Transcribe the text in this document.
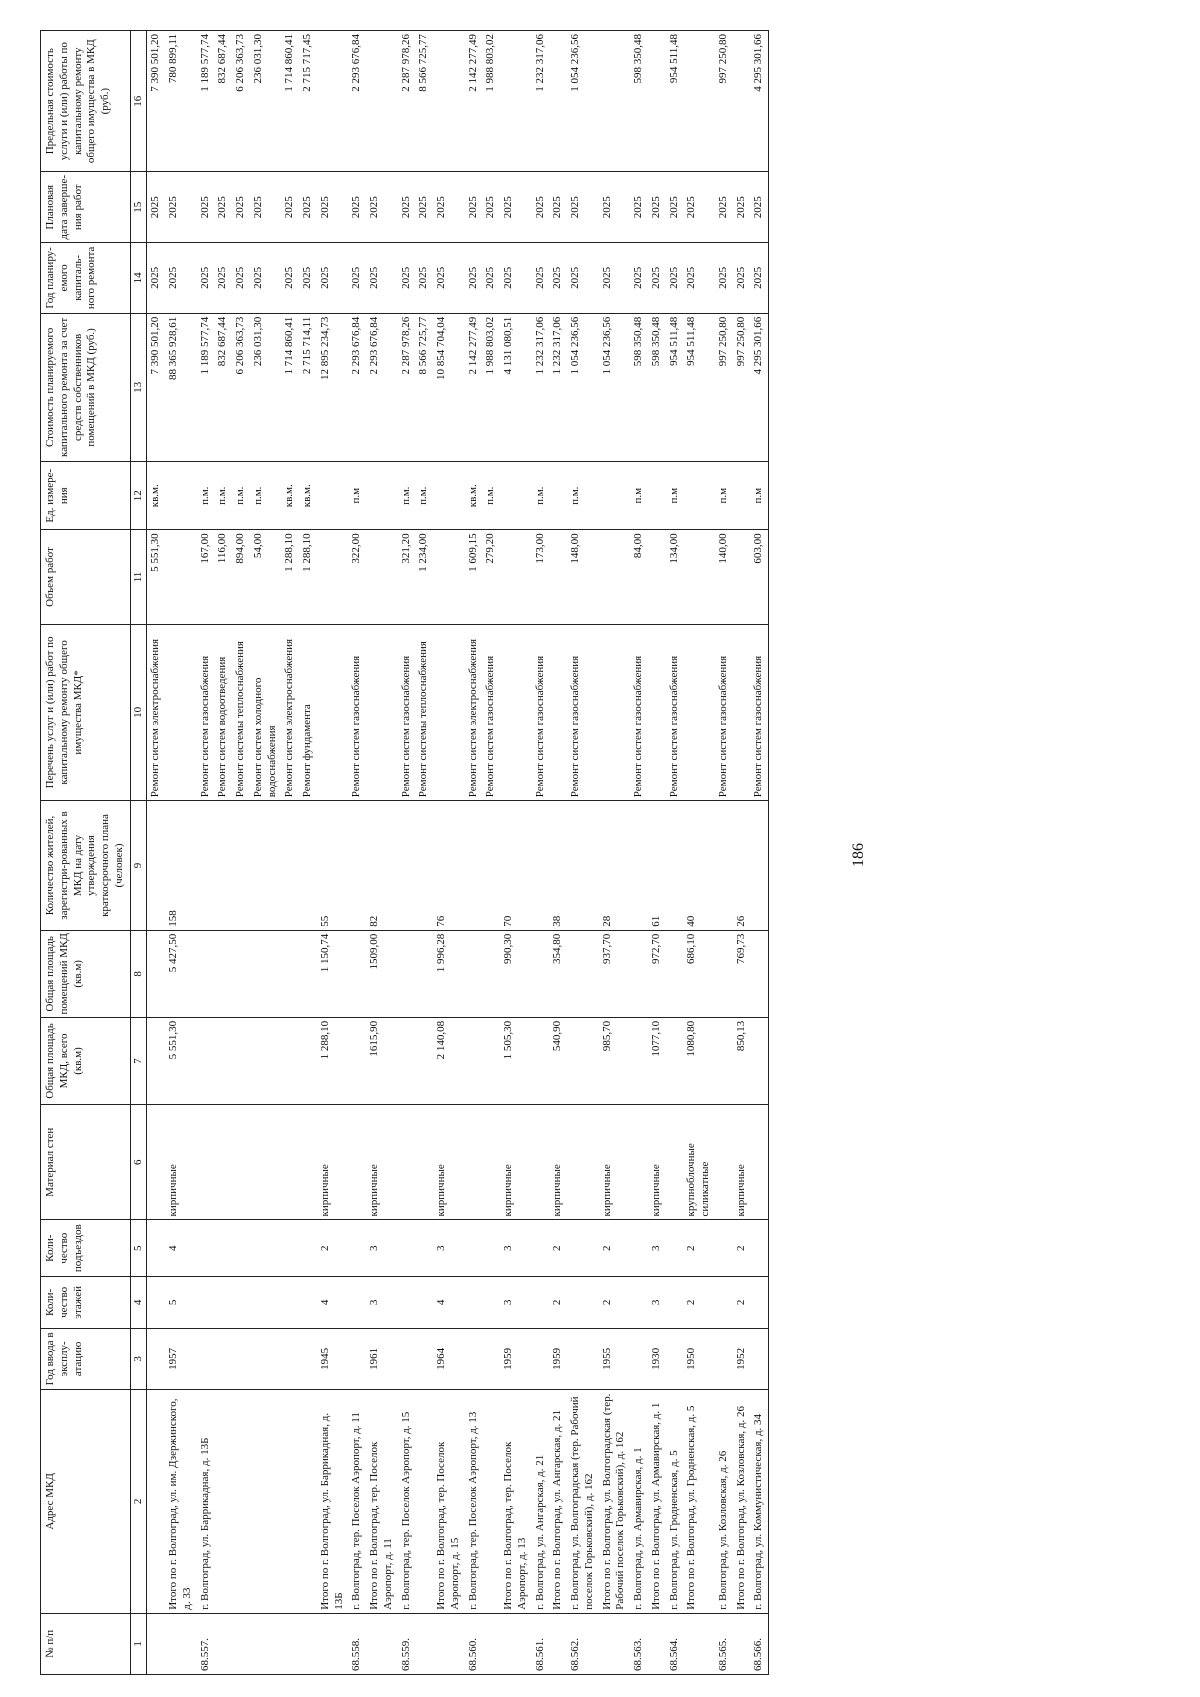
186
№ п/п	Адрес МКД	Год ввода в эксплу-атацию	Коли-чество этажей	Коли-чество подъездов	Материал стен	Общая площадь МКД, всего (кв.м)	Общая площадь помещений МКД (кв.м)	Количество жителей, зарегистри-рованных в МКД на дату утверждения краткосрочного плана (человек)	Перечень услуг и (или) работ по капитальному ремонту общего имущества МКД*	Объем работ	Ед. измере-ния	Стоимость планируемого капитального ремонта за счет средств собственников помещений в МКД (руб.)	Год планиру-емого капиталь-ного ремонта	Плановая дата заверше-ния работ	Предельная стоимость услуги и (или) работы по капитальному ремонту общего имущества в МКД (руб.)
1	2	3	4	5	6	7	8	9	10	11	12	13	14	15	16
									Ремонт систем электроснабжения	5 551,30	кв.м.	7 390 501,20	2025	2025	7 390 501,20
	Итого по г. Волгоград, ул. им. Дзержинского, д. 33	1957	5	4	кирпичные	5 551,30	5 427,50	158				88 365 928,61	2025	2025	780 899,11
68.557.	г. Волгоград, ул. Баррикадная, д. 13Б								Ремонт систем газоснабжения	167,00	п.м.	1 189 577,74	2025	2025	1 189 577,74
									Ремонт систем водоотведения	116,00	п.м.	832 687,44	2025	2025	832 687,44
									Ремонт системы теплоснабжения	894,00	п.м.	6 206 363,73	2025	2025	6 206 363,73
									Ремонт систем холодного водоснабжения	54,00	п.м.	236 031,30	2025	2025	236 031,30
									Ремонт систем электроснабжения	1 288,10	кв.м.	1 714 860,41	2025	2025	1 714 860,41
									Ремонт фундамента	1 288,10	кв.м.	2 715 714,11	2025	2025	2 715 717,45
	Итого по г. Волгоград, ул. Баррикадная, д. 13Б	1945	4	2	кирпичные	1 288,10	1 150,74	55				12 895 234,73	2025	2025	
68.558.	г. Волгоград, тер. Поселок Аэропорт, д. 11								Ремонт систем газоснабжения	322,00	п.м	2 293 676,84	2025	2025	2 293 676,84
	Итого по г. Волгоград, тер. Поселок Аэропорт, д. 11	1961	3	3	кирпичные	1615,90	1509,00	82				2 293 676,84	2025	2025	
68.559.	г. Волгоград, тер. Поселок Аэропорт, д. 15								Ремонт систем газоснабжения	321,20	п.м.	2 287 978,26	2025	2025	2 287 978,26
									Ремонт системы теплоснабжения	1 234,00	п.м.	8 566 725,77	2025	2025	8 566 725,77
	Итого по г. Волгоград, тер. Поселок Аэропорт, д. 15	1964	4	3	кирпичные	2 140,08	1 996,28	76				10 854 704,04	2025	2025	
68.560.	г. Волгоград, тер. Поселок Аэропорт, д. 13								Ремонт систем электроснабжения	1 609,15	кв.м.	2 142 277,49	2025	2025	2 142 277,49
									Ремонт систем газоснабжения	279,20	п.м.	1 988 803,02	2025	2025	1 988 803,02
	Итого по г. Волгоград, тер. Поселок Аэропорт, д. 13	1959	3	3	кирпичные	1 505,30	990,30	70				4 131 080,51	2025	2025	
68.561.	г. Волгоград, ул. Ангарская, д. 21								Ремонт систем газоснабжения	173,00	п.м.	1 232 317,06	2025	2025	1 232 317,06
	Итого по г. Волгоград, ул. Ангарская, д. 21	1959	2	2	кирпичные	540,90	354,80	38				1 232 317,06	2025	2025	
68.562.	г. Волгоград, ул. Волгоградская (тер. Рабочий поселок Горьковский), д. 162								Ремонт систем газоснабжения	148,00	п.м.	1 054 236,56	2025	2025	1 054 236,56
	Итого по г. Волгоград, ул. Волгоградская (тер. Рабочий поселок Горьковский), д. 162	1955	2	2	кирпичные	985,70	937,70	28				1 054 236,56	2025	2025	
68.563.	г. Волгоград, ул. Армавирская, д. 1								Ремонт систем газоснабжения	84,00	п.м	598 350,48	2025	2025	598 350,48
	Итого по г. Волгоград, ул. Армавирская, д. 1	1930	3	3	кирпичные	1077,10	972,70	61				598 350,48	2025	2025	
68.564.	г. Волгоград, ул. Гродненская, д. 5								Ремонт систем газоснабжения	134,00	п.м	954 511,48	2025	2025	954 511,48
	Итого по г. Волгоград, ул. Гродненская, д. 5	1950	2	2	крупноблочные силикатные	1080,80	686,10	40				954 511,48	2025	2025	
68.565.	г. Волгоград, ул. Козловская, д. 26								Ремонт систем газоснабжения	140,00	п.м	997 250,80	2025	2025	997 250,80
	Итого по г. Волгоград, ул. Козловская, д. 26	1952	2	2	кирпичные	850,13	769,73	26				997 250,80	2025	2025	
68.566.	г. Волгоград, ул. Коммунистическая, д. 34								Ремонт систем газоснабжения	603,00	п.м	4 295 301,66	2025	2025	4 295 301,66
